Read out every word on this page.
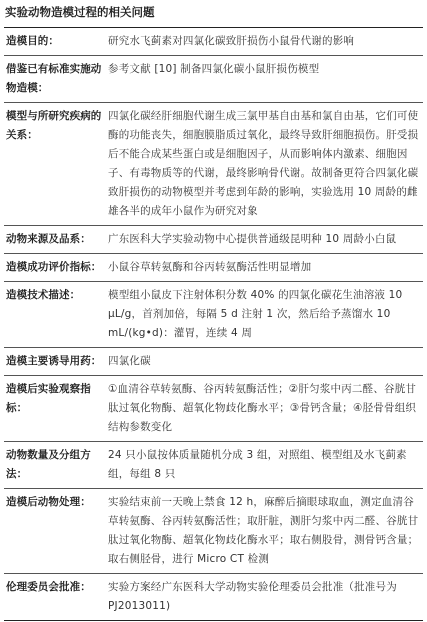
实验动物造模过程的相关问题
造模目的：	研究水飞蓟素对四氯化碳致肝损伤小鼠骨代谢的影响
借鉴已有标准实施动物造模：	参考文献 [10] 制备四氯化碳小鼠肝损伤模型
模型与所研究疾病的关系：	四氯化碳经肝细胞代谢生成三氯甲基自由基和氯自由基，它们可使酶的功能丧失，细胞膜脂质过氧化，最终导致肝细胞损伤。肝受损后不能合成某些蛋白或是细胞因子，从而影响体内激素、细胞因子、有毒物质等的代谢，最终影响骨代谢。故制备更符合四氯化碳致肝损伤的动物模型并考虑到年龄的影响，实验选用 10 周龄的雌雄各半的成年小鼠作为研究对象
动物来源及品系：	广东医科大学实验动物中心提供普通级昆明种 10 周龄小白鼠
造模成功评价指标：	小鼠谷草转氨酶和谷丙转氨酶活性明显增加
造模技术描述：	模型组小鼠皮下注射体积分数 40% 的四氯化碳花生油溶液 10 μL/g，首剂加倍，每隔 5 d 注射 1 次，然后给予蒸馏水 10 mL/(kg•d)：灌胃，连续 4 周
造模主要诱导用药：	四氯化碳
造模后实验观察指标：	①血清谷草转氨酶、谷丙转氨酶活性；②肝匀浆中丙二醛、谷胱甘肽过氧化物酶、超氧化物歧化酶水平；③骨钙含量；④胫骨骨组织结构参数变化
动物数量及分组方法：	24 只小鼠按体质量随机分成 3 组，对照组、模型组及水飞蓟素组，每组 8 只
造模后动物处理：	实验结束前一天晚上禁食 12 h，麻醉后摘眼球取血，测定血清谷草转氨酶、谷丙转氨酶活性；取肝脏，测肝匀浆中丙二醛、谷胱甘肽过氧化物酶、超氧化物歧化酶水平；取右侧股骨，测骨钙含量；取右侧胫骨，进行 Micro CT 检测
伦理委员会批准：	实验方案经广东医科大学动物实验伦理委员会批准（批准号为 PJ2013011)
